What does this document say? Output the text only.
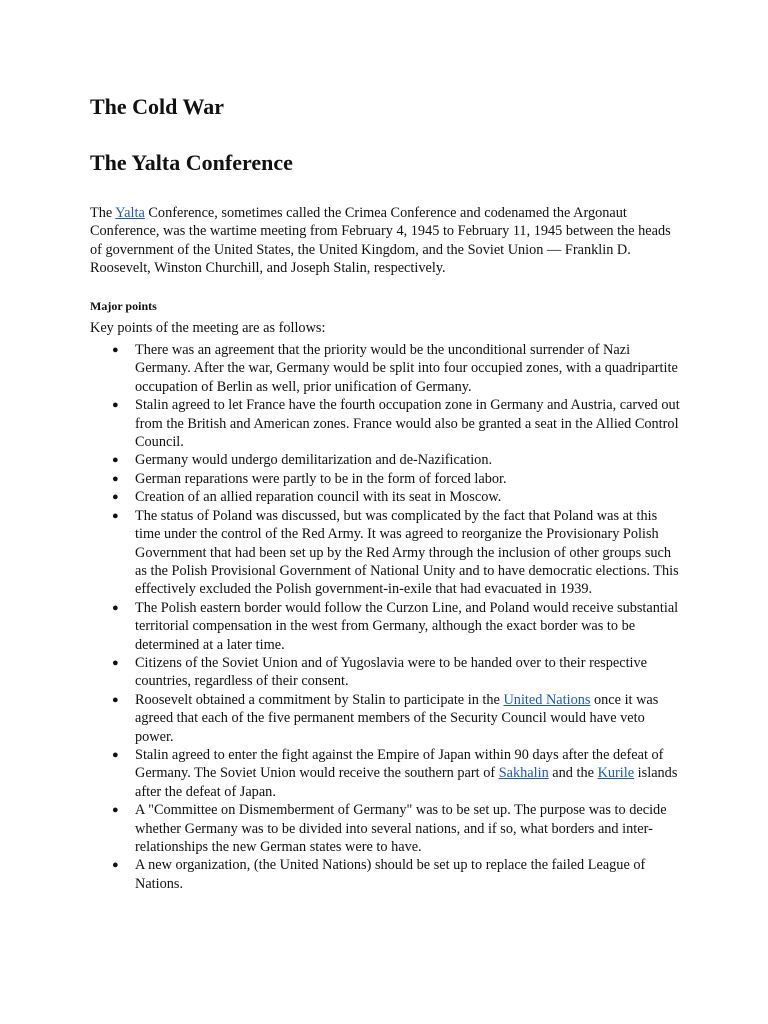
The Cold War
The Yalta Conference

The Yalta Conference, sometimes called the Crimea Conference and codenamed the Argonaut Conference, was the wartime meeting from February 4, 1945 to February 11, 1945 between the heads of government of the United States, the United Kingdom, and the Soviet Union — Franklin D. Roosevelt, Winston Churchill, and Joseph Stalin, respectively.

Major points

Key points of the meeting are as follows:

● There was an agreement that the priority would be the unconditional surrender of Nazi Germany. After the war, Germany would be split into four occupied zones, with a quadripartite occupation of Berlin as well, prior unification of Germany.
● Stalin agreed to let France have the fourth occupation zone in Germany and Austria, carved out from the British and American zones. France would also be granted a seat in the Allied Control Council.
● Germany would undergo demilitarization and de-Nazification.
● German reparations were partly to be in the form of forced labor.
● Creation of an allied reparation council with its seat in Moscow.
● The status of Poland was discussed, but was complicated by the fact that Poland was at this time under the control of the Red Army. It was agreed to reorganize the Provisionary Polish Government that had been set up by the Red Army through the inclusion of other groups such as the Polish Provisional Government of National Unity and to have democratic elections. This effectively excluded the Polish government-in-exile that had evacuated in 1939.
● The Polish eastern border would follow the Curzon Line, and Poland would receive substantial territorial compensation in the west from Germany, although the exact border was to be determined at a later time.
● Citizens of the Soviet Union and of Yugoslavia were to be handed over to their respective countries, regardless of their consent.
● Roosevelt obtained a commitment by Stalin to participate in the United Nations once it was agreed that each of the five permanent members of the Security Council would have veto power.
● Stalin agreed to enter the fight against the Empire of Japan within 90 days after the defeat of Germany. The Soviet Union would receive the southern part of Sakhalin and the Kurile islands after the defeat of Japan.
● A "Committee on Dismemberment of Germany" was to be set up. The purpose was to decide whether Germany was to be divided into several nations, and if so, what borders and inter-relationships the new German states were to have.
● A new organization, (the United Nations) should be set up to replace the failed League of Nations.
